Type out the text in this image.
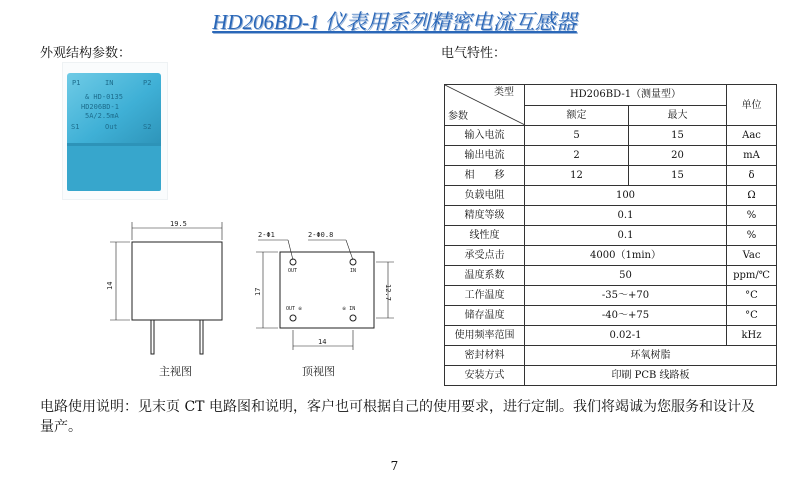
HD206BD-1 仪表用系列精密电流互感器
外观结构参数：	电气特性：
P1	IN	P2
& HD-0135
HD206BD-1
5A/2.5mA
S1	Out	S2
19.5
14
2-Φ1	2-Φ0.8
17	12.7
14
OUT	IN
OUT ※	※ IN
主视图	顶视图
类型
参数	HD206BD-1（测量型）		单位
	额定	最大	
输入电流	5	15	Aac
输出电流	2	20	mA
相　　移	12	15	δ
负载电阻	100		Ω
精度等级	0.1		%
线性度	0.1		%
承受点击	4000（1min）		Vac
温度系数	50		ppm/℃
工作温度	-35～+70		°C
储存温度	-40～+75		°C
使用频率范围	0.02-1		kHz
密封材料	环氧树脂		
安装方式	印刷 PCB 线路板		
电路使用说明：见末页 CT 电路图和说明，客户也可根据自己的使用要求，进行定制。我们将竭诚为您服务和设计及量产。
7
